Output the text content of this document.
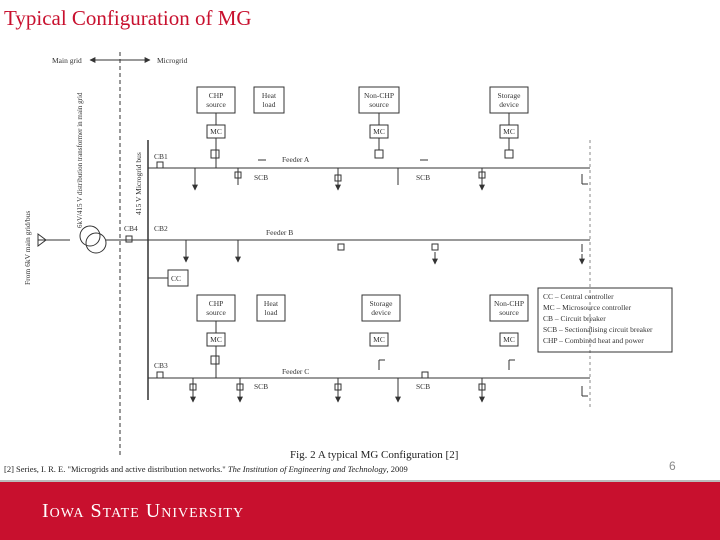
Typical Configuration of MG
Main grid	Microgrid
From 6kV main grid/bus
6kV/415 V distribution transformer in main grid	415 V Microgrid bus	Feeder A
Feeder B
Feeder C
CB1
CB2
CB3
CB4
SCB	SCB
SCB	SCB
CC
CHP
source
Heat
load
Non-CHP
source
Storage
device
MC	MC	MC
CHP
source
Heat
load
Storage
device
Non-CHP
source
MC	MC	MC
CC – Central controller
MC – Microsource controller
CB – Circuit breaker
SCB – Sectionalising circuit breaker
CHP – Combined heat and power
Fig. 2 A typical MG Configuration [2]
[2] Series, I. R. E. "Microgrids and active distribution networks." The Institution of Engineering and Technology, 2009	6
Iowa State University
